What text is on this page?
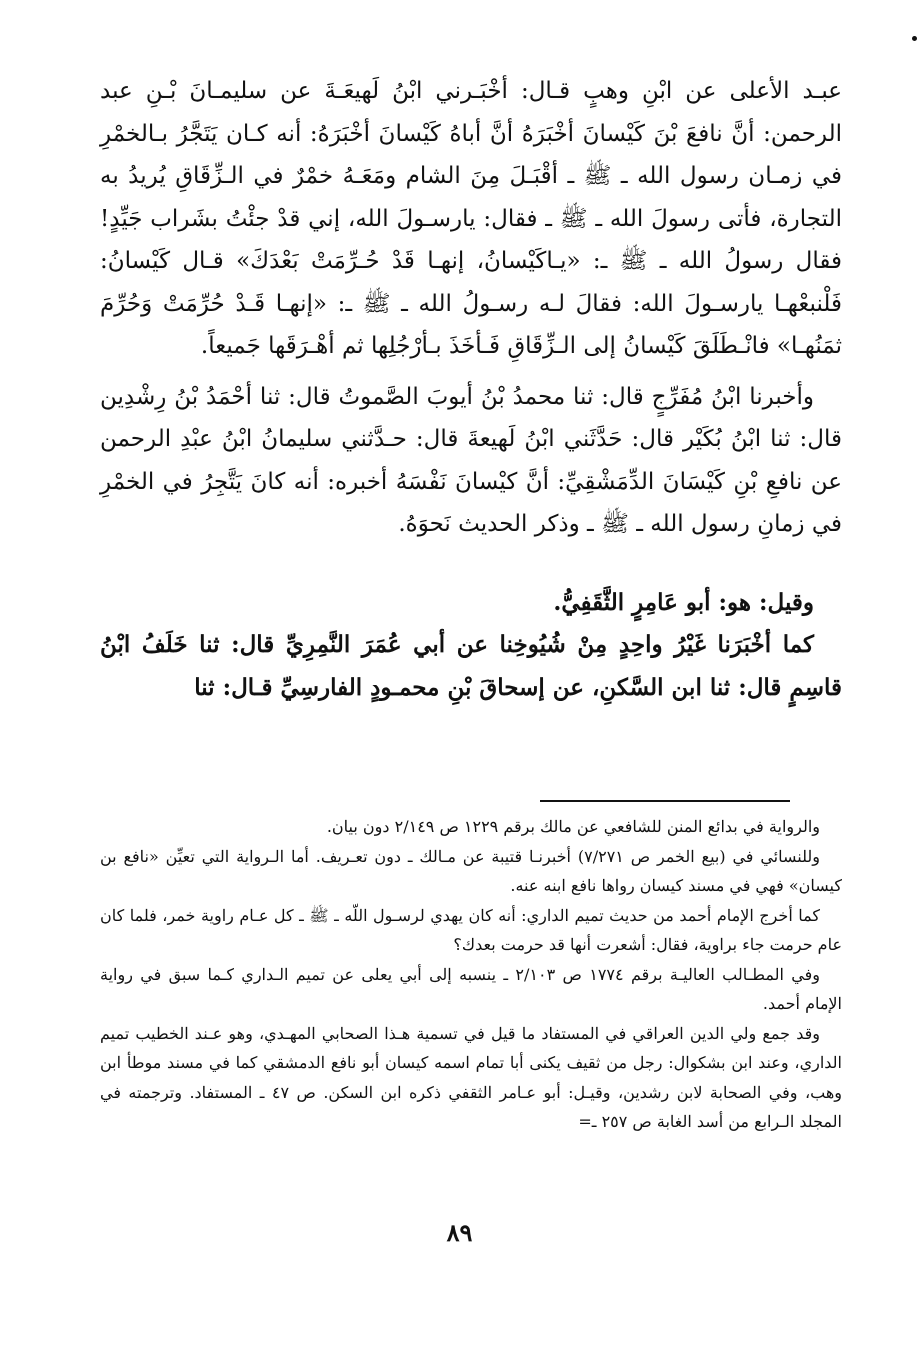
عبـد الأعلى عن ابْنِ وهبٍ قـال: أخْبَـرني ابْنُ لَهيعَـةَ عن سليمـانَ بْـنِ عبد الرحمن: أنَّ نافعَ بْنَ كَيْسانَ أخْبَرَهُ أنَّ أباهُ كَيْسانَ أخْبَرَهُ: أنه كـان يَتَجَّرُ بـالخمْرِ في زمـان رسول الله ـ ﷺ ـ أقْبَـلَ مِنَ الشام ومَعَـهُ خمْرٌ في الـزِّقَاقِ يُريدُ به التجارة، فأتى رسولَ الله ـ ﷺ ـ فقال: يارسـولَ الله، إني قدْ جئْتُ بشَراب جَيِّدٍ! فقال رسولُ الله ـ ﷺ ـ: «يـاكَيْسانُ، إنهـا قَدْ حُـرِّمَتْ بَعْدَكَ» قـال كَيْسانُ: فَلْنبعْهـا يارسـولَ الله: فقالَ لـه رسـولُ الله ـ ﷺ ـ: «إنهـا قَـدْ حُرِّمَتْ وَحُرِّمَ ثمَنُهـا» فانْـطَلَقَ كَيْسانُ إلى الـزِّقَاقِ فَـأخَذَ بـأرْجُلِها ثم أهْـرَقَها جَميعاً.

وأخبرنا ابْنُ مُفَرِّجٍ قال: ثنا محمدُ بْنُ أيوبَ الصَّموتُ قال: ثنا أحْمَدُ بْنُ رِشْدِين قال: ثنا ابْنُ بُكَيْر قال: حَدَّثَني ابْنُ لَهيعةَ قال: حـدَّثني سليمانُ ابْنُ عبْدِ الرحمن عن نافعِ بْنِ كَيْسَانَ الدِّمَشْقِيِّ: أنَّ كيْسانَ نَفْسَهُ أخبره: أنه كانَ يَتَّجِرُ في الخمْرِ في زمانِ رسول الله ـ ﷺ ـ وذكر الحديث نَحوَهُ.

وقيل: هو: أبو عَامِرٍ الثَّقَفِيُّ.

كما أخْبَرَنا غَيْرُ واحِدٍ مِنْ شُيُوخِنا عن أبي عُمَرَ النَّمِرِيِّ قال: ثنا خَلَفُ ابْنُ قاسِمٍ قال: ثنا ابن السَّكنِ، عن إسحاقَ بْنِ محمـودٍ الفارسِيِّ قـال: ثنا

والرواية في بدائع المنن للشافعي عن مالك برقم ١٢٢٩ ص ٢/١٤٩ دون بيان.

وللنسائي في (بيع الخمر ص ٧/٢٧١) أخبرنـا قتيبة عن مـالك ـ دون تعـريف. أما الـرواية التي تعيِّن «نافع بن كيسان» فهي في مسند كيسان رواها نافع ابنه عنه.

كما أخرج الإمام أحمد من حديث تميم الداري: أنه كان يهدي لرسـول اللّه ـ ﷺ ـ كل عـام راوية خمر، فلما كان عام حرمت جاء براوية، فقال: أشعرت أنها قد حرمت بعدك؟

وفي المطـالب العاليـة برقم ١٧٧٤ ص ٢/١٠٣ ـ ينسبه إلى أبي يعلى عن تميم الـداري كـما سبق في رواية الإمام أحمد.

وقد جمع ولي الدين العراقي في المستفاد ما قيل في تسمية هـذا الصحابي المهـدي، وهو عـند الخطيب تميم الداري، وعند ابن بشكوال: رجل من ثقيف يكنى أبا تمام اسمه كيسان أبو نافع الدمشقي كما في مسند موطأ ابن وهب، وفي الصحابة لابن رشدين، وقيـل: أبو عـامر الثقفي ذكره ابن السكن. ص ٤٧ ـ المستفاد. وترجمته في المجلد الـرابع من أسد الغابة ص ٢٥٧ ـ=

٨٩
